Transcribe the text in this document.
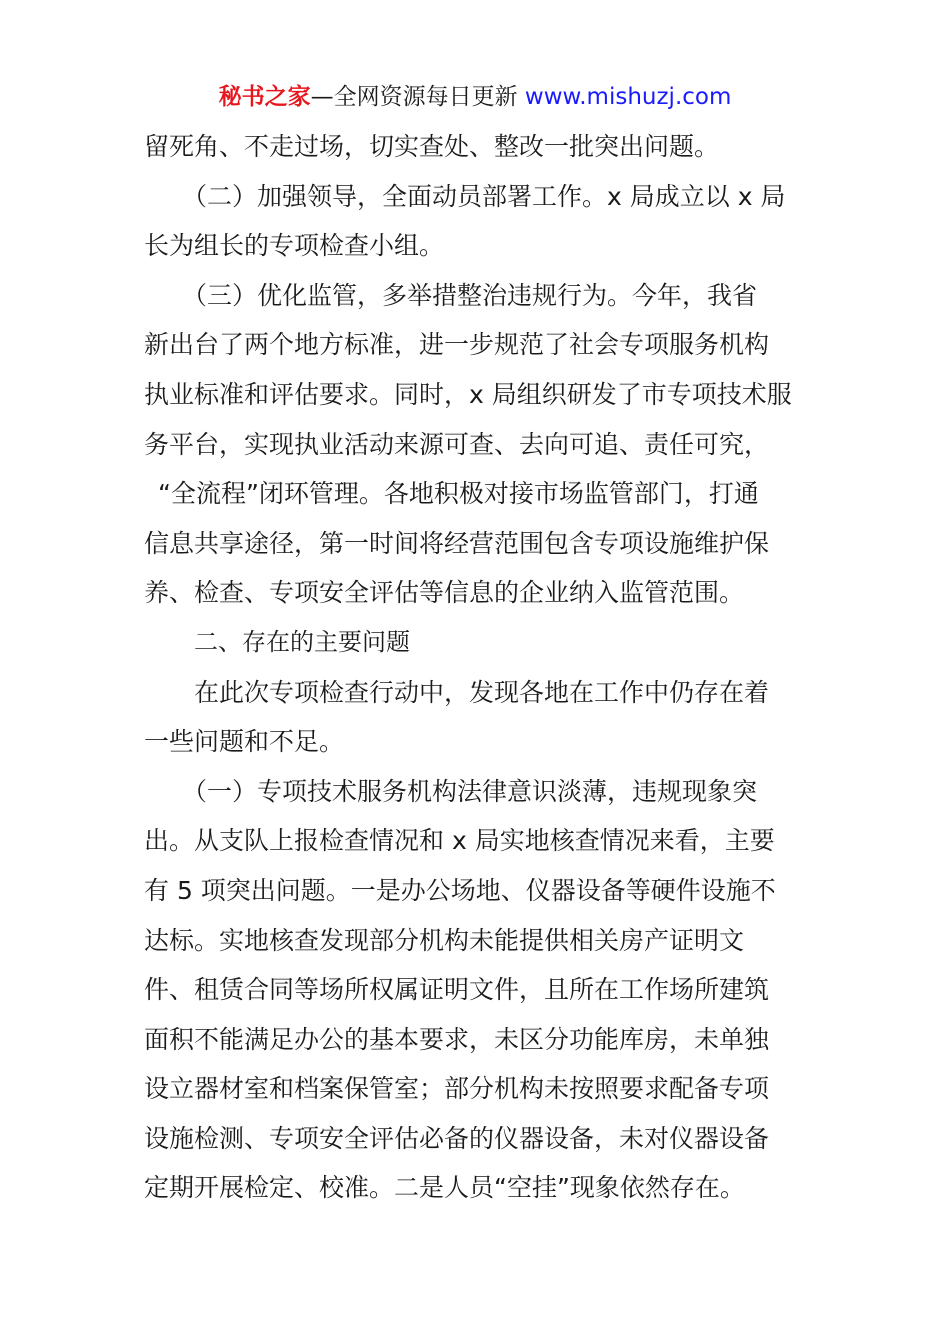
秘书之家—全网资源每日更新 www.mishuzj.com
留死角、不走过场，切实查处、整改一批突出问题。
（二）加强领导，全面动员部署工作。x 局成立以 x 局
长为组长的专项检查小组。
（三）优化监管，多举措整治违规行为。今年，我省
新出台了两个地方标准，进一步规范了社会专项服务机构
执业标准和评估要求。同时，x 局组织研发了市专项技术服
务平台，实现执业活动来源可查、去向可追、责任可究，
“全流程”闭环管理。各地积极对接市场监管部门，打通
信息共享途径，第一时间将经营范围包含专项设施维护保
养、检查、专项安全评估等信息的企业纳入监管范围。
二、存在的主要问题
在此次专项检查行动中，发现各地在工作中仍存在着
一些问题和不足。
（一）专项技术服务机构法律意识淡薄，违规现象突
出。从支队上报检查情况和 x 局实地核查情况来看，主要
有 5 项突出问题。一是办公场地、仪器设备等硬件设施不
达标。实地核查发现部分机构未能提供相关房产证明文
件、租赁合同等场所权属证明文件，且所在工作场所建筑
面积不能满足办公的基本要求，未区分功能库房，未单独
设立器材室和档案保管室；部分机构未按照要求配备专项
设施检测、专项安全评估必备的仪器设备，未对仪器设备
定期开展检定、校准。二是人员“空挂”现象依然存在。
